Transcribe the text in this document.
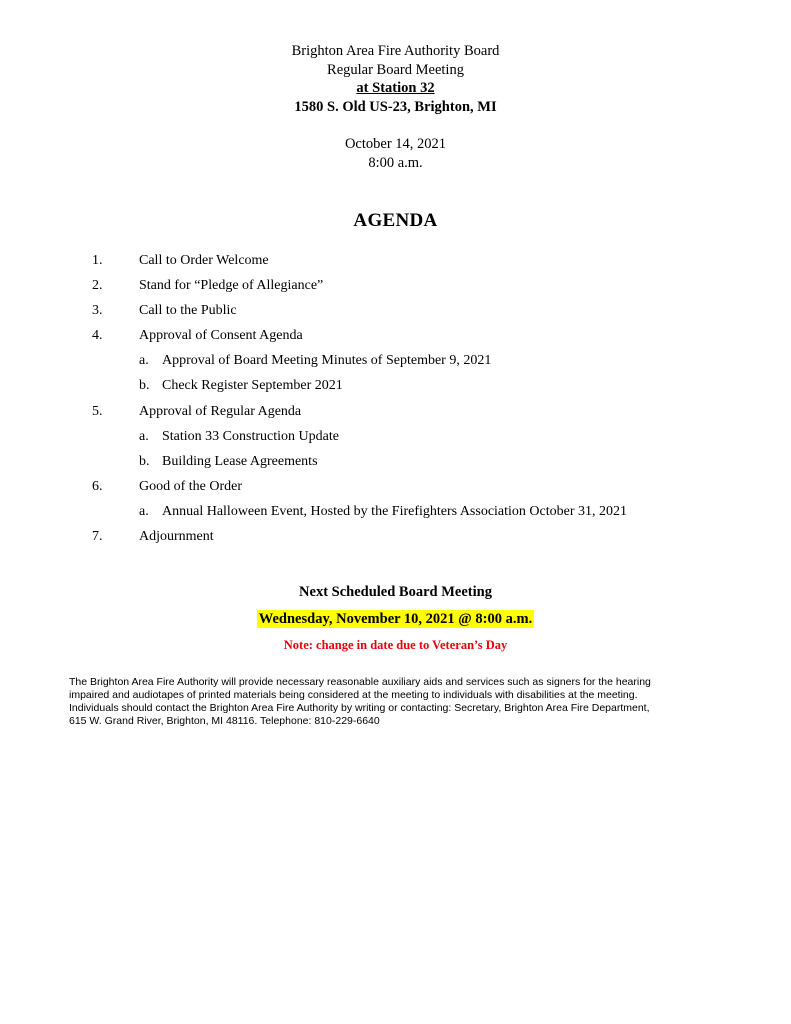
Brighton Area Fire Authority Board
Regular Board Meeting
at Station 32
1580 S. Old US-23, Brighton, MI
October 14, 2021
8:00 a.m.
AGENDA
1.	Call to Order Welcome
2.	Stand for “Pledge of Allegiance”
3.	Call to the Public
4.	Approval of Consent Agenda
a. Approval of Board Meeting Minutes of September 9, 2021
b. Check Register September 2021
5.	Approval of Regular Agenda
a. Station 33 Construction Update
b. Building Lease Agreements
6.	Good of the Order
a. Annual Halloween Event, Hosted by the Firefighters Association October 31, 2021
7.	Adjournment
Next Scheduled Board Meeting
Wednesday, November 10, 2021 @ 8:00 a.m.
Note: change in date due to Veteran’s Day
The Brighton Area Fire Authority will provide necessary reasonable auxiliary aids and services such as signers for the hearing
impaired and audiotapes of printed materials being considered at the meeting to individuals with disabilities at the meeting.
Individuals should contact the Brighton Area Fire Authority by writing or contacting: Secretary, Brighton Area Fire Department,
615 W. Grand River, Brighton, MI 48116. Telephone: 810-229-6640
